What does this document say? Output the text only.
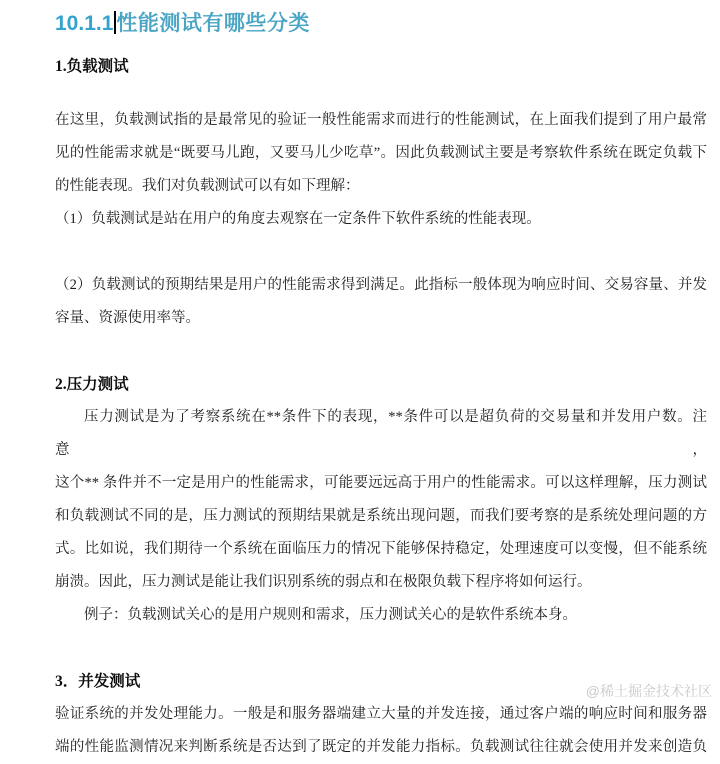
10.1.1 性能测试有哪些分类
1.负载测试
在这里，负载测试指的是最常见的验证一般性能需求而进行的性能测试，在上面我们提到了用户最常
见的性能需求就是“既要马儿跑，又要马儿少吃草”。因此负载测试主要是考察软件系统在既定负载下
的性能表现。我们对负载测试可以有如下理解：
（1）负载测试是站在用户的角度去观察在一定条件下软件系统的性能表现。
（2）负载测试的预期结果是用户的性能需求得到满足。此指标一般体现为响应时间、交易容量、并发
容量、资源使用率等。
2.压力测试
压力测试是为了考察系统在**条件下的表现，**条件可以是超负荷的交易量和并发用户数。注意，
这个** 条件并不一定是用户的性能需求，可能要远远高于用户的性能需求。可以这样理解，压力测试
和负载测试不同的是，压力测试的预期结果就是系统出现问题，而我们要考察的是系统处理问题的方
式。比如说，我们期待一个系统在面临压力的情况下能够保持稳定，处理速度可以变慢，但不能系统
崩溃。因此，压力测试是能让我们识别系统的弱点和在极限负载下程序将如何运行。
例子：负载测试关心的是用户规则和需求，压力测试关心的是软件系统本身。
3．并发测试
验证系统的并发处理能力。一般是和服务器端建立大量的并发连接，通过客户端的响应时间和服务器
端的性能监测情况来判断系统是否达到了既定的并发能力指标。负载测试往往就会使用并发来创造负
@稀土掘金技术社区
